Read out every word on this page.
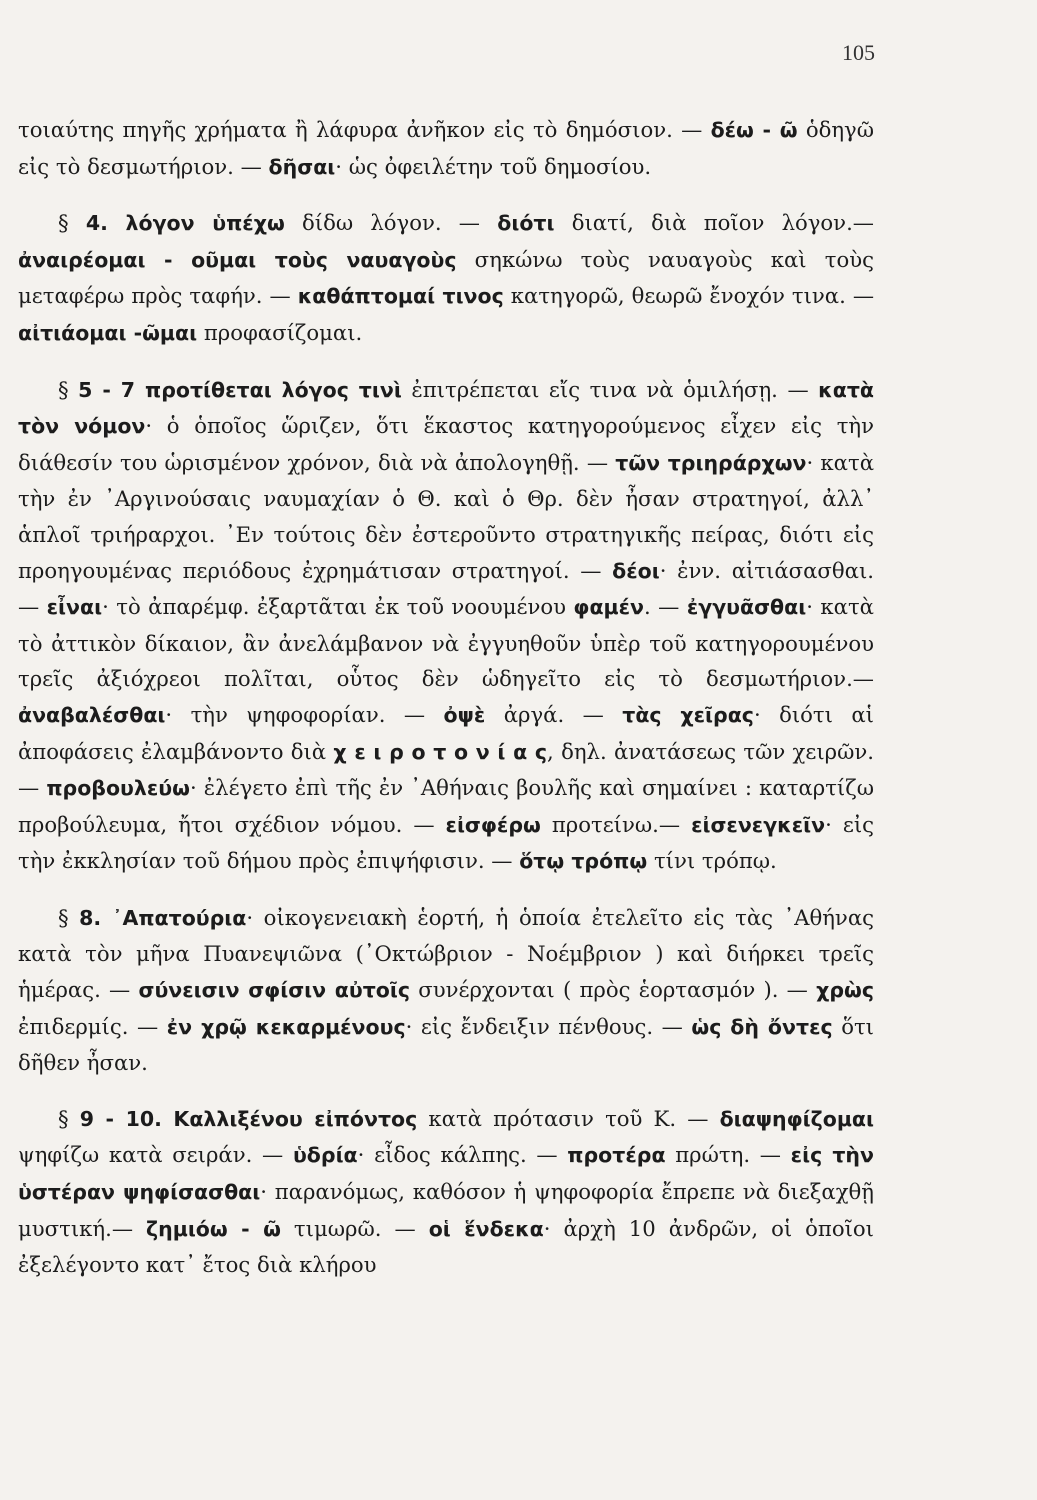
105

τοιαύτης πηγῆς χρήματα ἢ λάφυρα ἀνῆκον εἰς τὸ δημόσιον. — δέω - ῶ ὁδηγῶ εἰς τὸ δεσμωτήριον. — δῆσαι· ὡς ὀφειλέτην τοῦ δημοσίου.

§ 4. λόγον ὑπέχω δίδω λόγον. — διότι διατί, διὰ ποῖον λόγον.—ἀναιρέομαι - οῦμαι τοὺς ναυαγοὺς σηκώνω τοὺς ναυαγοὺς καὶ τοὺς μεταφέρω πρὸς ταφήν. — καθάπτομαί τινος κατηγορῶ, θεωρῶ ἔνοχόν τινα. — αἰτιάομαι -ῶμαι προφασίζομαι.

§ 5 - 7 προτίθεται λόγος τινὶ ἐπιτρέπεται εἴς τινα νὰ ὁμιλήσῃ. — κατὰ τὸν νόμον· ὁ ὁποῖος ὥριζεν, ὅτι ἕκαστος κατηγορούμενος εἶχεν εἰς τὴν διάθεσίν του ὡρισμένον χρόνον, διὰ νὰ ἀπολογηθῇ. — τῶν τριηράρχων· κατὰ τὴν ἐν ᾿Αργινούσαις ναυμαχίαν ὁ Θ. καὶ ὁ Θρ. δὲν ἦσαν στρατηγοί, ἀλλ᾿ ἁπλοῖ τριήραρχοι. ᾿Εν τούτοις δὲν ἐστεροῦντο στρατηγικῆς πείρας, διότι εἰς προηγουμένας περιόδους ἐχρημάτισαν στρατηγοί. — δέοι· ἐνν. αἰτιάσασθαι. — εἶναι· τὸ ἀπαρέμφ. ἐξαρτᾶται ἐκ τοῦ νοουμένου φαμέν. — ἐγγυᾶσθαι· κατὰ τὸ ἀττικὸν δίκαιον, ἂν ἀνελάμβανον νὰ ἐγγυηθοῦν ὑπὲρ τοῦ κατηγορουμένου τρεῖς ἀξιόχρεοι πολῖται, οὗτος δὲν ὡδηγεῖτο εἰς τὸ δεσμωτήριον.— ἀναβαλέσθαι· τὴν ψηφοφορίαν. — ὀψὲ ἀργά. — τὰς χεῖρας· διότι αἱ ἀποφάσεις ἐλαμβάνοντο διὰ χ ε ι ρ ο τ ο ν ί α ς, δηλ. ἀνατάσεως τῶν χειρῶν. — προβουλεύω· ἐλέγετο ἐπὶ τῆς ἐν ᾿Αθήναις βουλῆς καὶ σημαίνει : καταρτίζω προβούλευμα, ἤτοι σχέδιον νόμου. — εἰσφέρω προτείνω.— εἰσενεγκεῖν· εἰς τὴν ἐκκλησίαν τοῦ δήμου πρὸς ἐπιψήφισιν. — ὅτῳ τρόπῳ τίνι τρόπῳ.

§ 8. ᾿Απατούρια· οἰκογενειακὴ ἑορτή, ἡ ὁποία ἐτελεῖτο εἰς τὰς ᾿Αθήνας κατὰ τὸν μῆνα Πυανεψιῶνα (᾿Οκτώβριον - Νοέμβριον ) καὶ διήρκει τρεῖς ἡμέρας. — σύνεισιν σφίσιν αὐτοῖς συνέρχονται ( πρὸς ἑορτασμόν ). — χρὼς ἐπιδερμίς. — ἐν χρῷ κεκαρμένους· εἰς ἔνδειξιν πένθους. — ὡς δὴ ὄντες ὅτι δῆθεν ἦσαν.

§ 9 - 10. Καλλιξένου εἰπόντος κατὰ πρότασιν τοῦ Κ. — διαψηφίζομαι ψηφίζω κατὰ σειράν. — ὑδρία· εἶδος κάλπης. — προτέρα πρώτη. — εἰς τὴν ὑστέραν ψηφίσασθαι· παρανόμως, καθόσον ἡ ψηφοφορία ἔπρεπε νὰ διεξαχθῇ μυστική.— ζημιόω - ῶ τιμωρῶ. — οἱ ἕνδεκα· ἀρχὴ 10 ἀνδρῶν, οἱ ὁποῖοι ἐξελέγοντο κατ᾿ ἔτος διὰ κλήρου
